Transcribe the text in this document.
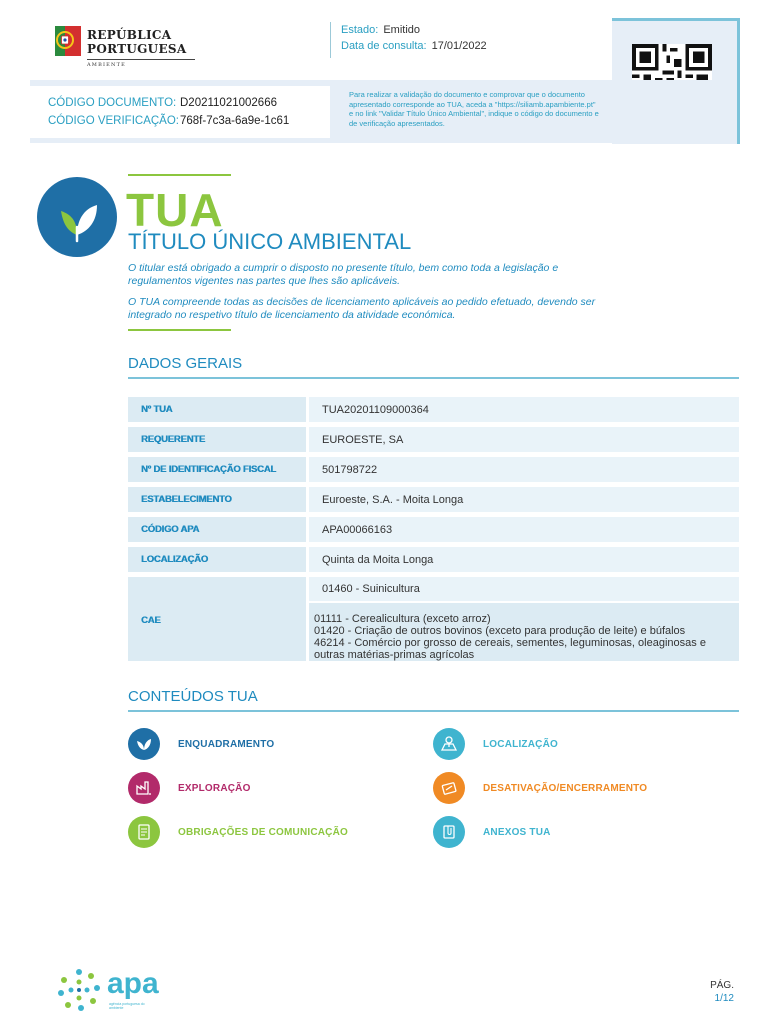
REPÚBLICA
PORTUGUESA
AMBIENTE
Estado: Emitido
Data de consulta: 17/01/2022
CÓDIGO DOCUMENTO: D20211021002666
CÓDIGO VERIFICAÇÃO:768f-7c3a-6a9e-1c61
Para realizar a validação do documento e comprovar que o documento apresentado corresponde ao TUA, aceda a "https://siliamb.apambiente.pt" e no link "Validar Título Único Ambiental", indique o código do documento e de verificação apresentados.
TUA
TÍTULO ÚNICO AMBIENTAL
O titular está obrigado a cumprir o disposto no presente título, bem como toda a legislação e regulamentos vigentes nas partes que lhes são aplicáveis.
O TUA compreende todas as decisões de licenciamento aplicáveis ao pedido efetuado, devendo ser integrado no respetivo título de licenciamento da atividade económica.
DADOS GERAIS
Nº TUA	TUA20201109000364
REQUERENTE	EUROESTE, SA
Nº DE IDENTIFICAÇÃO FISCAL	501798722
ESTABELECIMENTO	Euroeste, S.A. - Moita Longa
CÓDIGO APA	APA00066163
LOCALIZAÇÃO	Quinta da Moita Longa
CAE
01460 - Suinicultura
01111 - Cerealicultura (exceto arroz)
01420 - Criação de outros bovinos (exceto para produção de leite) e búfalos
46214 - Comércio por grosso de cereais, sementes, leguminosas, oleaginosas e
outras matérias-primas agrícolas
CONTEÚDOS TUA
ENQUADRAMENTO	LOCALIZAÇÃO
EXPLORAÇÃO	DESATIVAÇÃO/ENCERRAMENTO
OBRIGAÇÕES DE COMUNICAÇÃO	ANEXOS TUA
apa
agência portuguesa do ambiente
PÁG.
1/12
